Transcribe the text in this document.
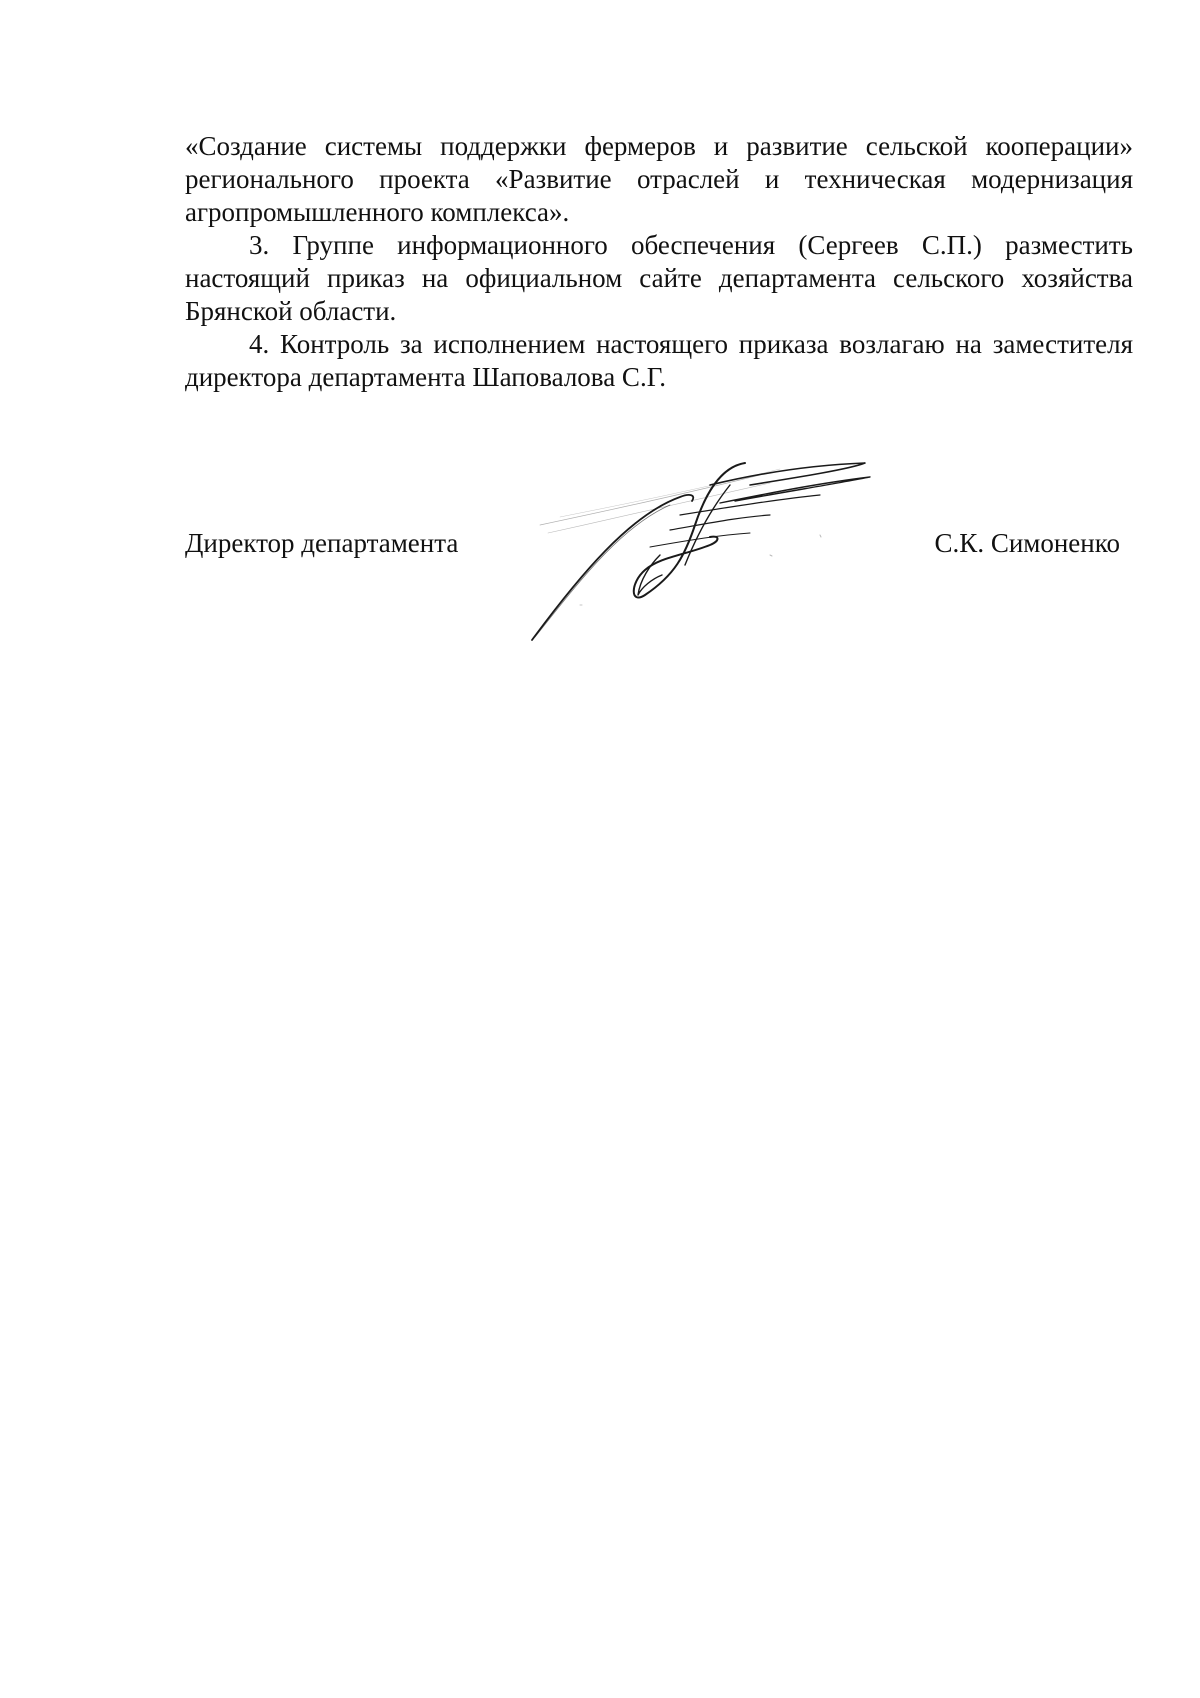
«Создание системы поддержки фермеров и развитие сельской кооперации» регионального проекта «Развитие отраслей и техническая модернизация агропромышленного комплекса».

3. Группе информационного обеспечения (Сергеев С.П.) разместить настоящий приказ на официальном сайте департамента сельского хозяйства Брянской области.

4. Контроль за исполнением настоящего приказа возлагаю на заместителя директора департамента Шаповалова С.Г.

Директор департамента	С.К. Симоненко
